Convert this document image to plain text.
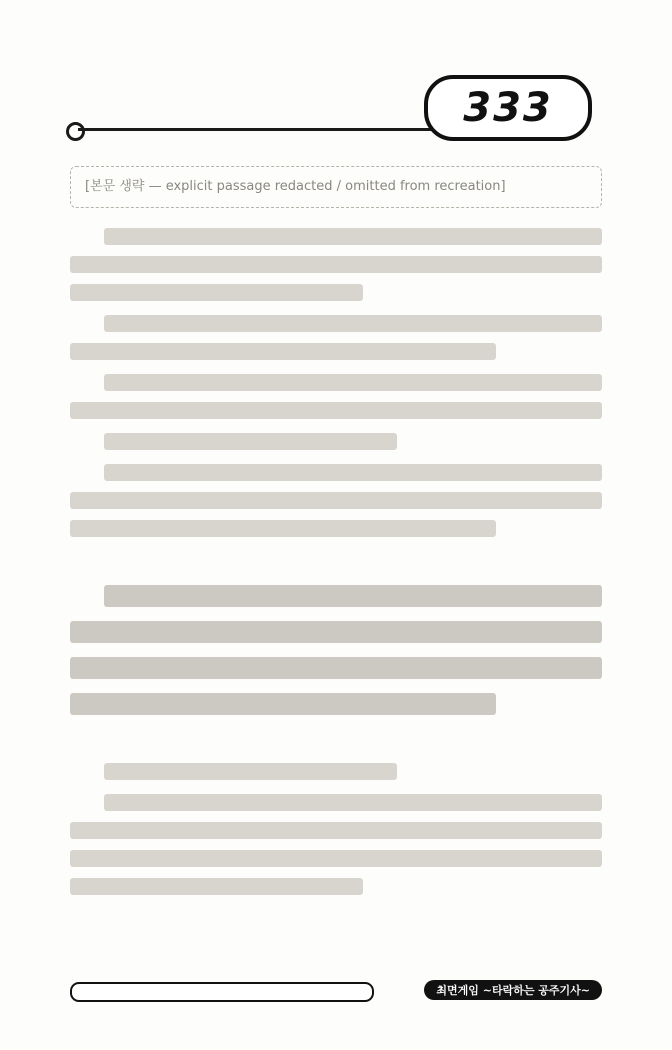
333
[본문 생략 — explicit passage redacted / omitted from recreation]
최면게임 ~타락하는 공주기사~
